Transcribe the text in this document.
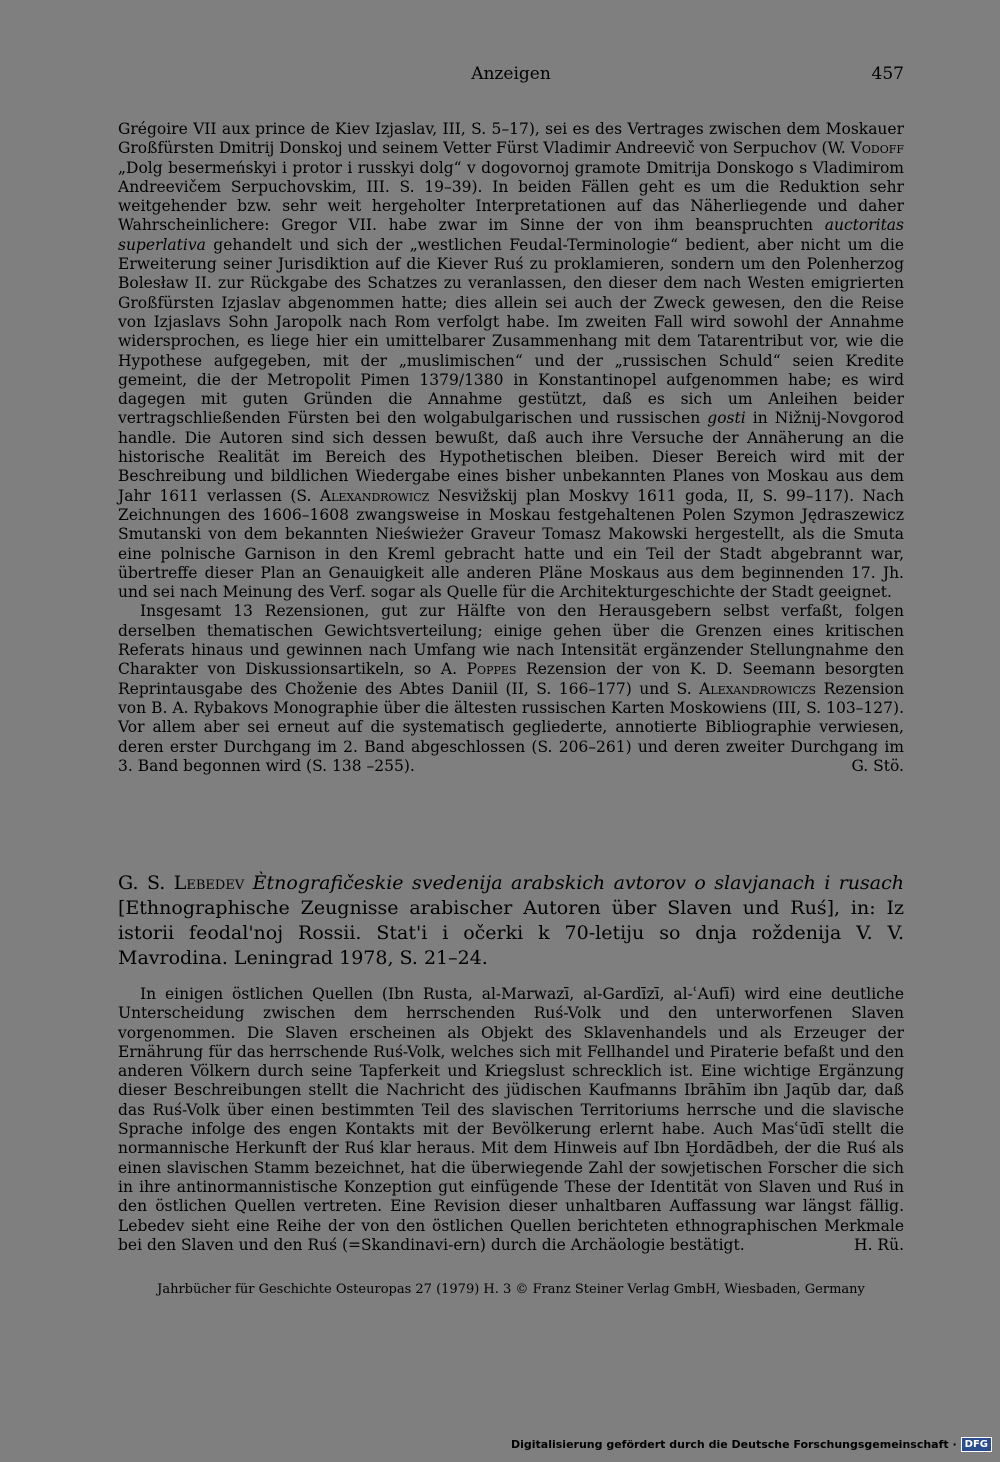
Anzeigen	457

Grégoire VII aux prince de Kiev Izjaslav, III, S. 5–17), sei es des Vertrages zwischen dem Moskauer Großfürsten Dmitrij Donskoj und seinem Vetter Fürst Vladimir Andreevič von Serpuchov (W. Vodoff „Dolg besermeńskyi i protor i russkyi dolg“ v dogovornoj gramote Dmitrija Donskogo s Vladimirom Andreevičem Serpuchovskim, III. S. 19–39). In beiden Fällen geht es um die Reduktion sehr weitgehender bzw. sehr weit hergeholter Interpretationen auf das Näherliegende und daher Wahrscheinlichere: Gregor VII. habe zwar im Sinne der von ihm beanspruchten auctoritas superlativa gehandelt und sich der „westlichen Feudal-Terminologie“ bedient, aber nicht um die Erweiterung seiner Jurisdiktion auf die Kiever Ruś zu proklamieren, sondern um den Polenherzog Bolesław II. zur Rückgabe des Schatzes zu veranlassen, den dieser dem nach Westen emigrierten Großfürsten Izjaslav abgenommen hatte; dies allein sei auch der Zweck gewesen, den die Reise von Izjaslavs Sohn Jaropolk nach Rom verfolgt habe. Im zweiten Fall wird sowohl der Annahme widersprochen, es liege hier ein umittelbarer Zusammenhang mit dem Tatarentribut vor, wie die Hypothese aufgegeben, mit der „muslimischen“ und der „russischen Schuld“ seien Kredite gemeint, die der Metropolit Pimen 1379/1380 in Konstantinopel aufgenommen habe; es wird dagegen mit guten Gründen die Annahme gestützt, daß es sich um Anleihen beider vertragschließenden Fürsten bei den wolgabulgarischen und russischen gosti in Nižnij-Novgorod handle. Die Autoren sind sich dessen bewußt, daß auch ihre Versuche der Annäherung an die historische Realität im Bereich des Hypothetischen bleiben. Dieser Bereich wird mit der Beschreibung und bildlichen Wiedergabe eines bisher unbekannten Planes von Moskau aus dem Jahr 1611 verlassen (S. Alexandrowicz Nesvižskij plan Moskvy 1611 goda, II, S. 99–117). Nach Zeichnungen des 1606–1608 zwangsweise in Moskau festgehaltenen Polen Szymon Jędraszewicz Smutanski von dem bekannten Nieświeżer Graveur Tomasz Makowski hergestellt, als die Smuta eine polnische Garnison in den Kreml gebracht hatte und ein Teil der Stadt abgebrannt war, übertreffe dieser Plan an Genauigkeit alle anderen Pläne Moskaus aus dem beginnenden 17. Jh. und sei nach Meinung des Verf. sogar als Quelle für die Architekturgeschichte der Stadt geeignet.

Insgesamt 13 Rezensionen, gut zur Hälfte von den Herausgebern selbst verfaßt, folgen derselben thematischen Gewichtsverteilung; einige gehen über die Grenzen eines kritischen Referats hinaus und gewinnen nach Umfang wie nach Intensität ergänzender Stellungnahme den Charakter von Diskussionsartikeln, so A. Poppes Rezension der von K. D. Seemann besorgten Reprintausgabe des Choženie des Abtes Daniil (II, S. 166–177) und S. Alexandrowiczs Rezension von B. A. Rybakovs Monographie über die ältesten russischen Karten Moskowiens (III, S. 103–127). Vor allem aber sei erneut auf die systematisch gegliederte, annotierte Bibliographie verwiesen, deren erster Durchgang im 2. Band abgeschlossen (S. 206–261) und deren zweiter Durchgang im 3. Band begonnen wird (S. 138 –255).	G. Stö.

G. S. Lebedev Ètnografičeskie svedenija arabskich avtorov o slavjanach i rusach [Ethnographische Zeugnisse arabischer Autoren über Slaven und Ruś], in: Iz istorii feodal'noj Rossii. Stat'i i očerki k 70-letiju so dnja roždenija V. V. Mavrodina. Leningrad 1978, S. 21–24.

In einigen östlichen Quellen (Ibn Rusta, al-Marwazī, al-Gardīzī, al-ʿAufī) wird eine deutliche Unterscheidung zwischen dem herrschenden Ruś-Volk und den unterworfenen Slaven vorgenommen. Die Slaven erscheinen als Objekt des Sklavenhandels und als Erzeuger der Ernährung für das herrschende Ruś-Volk, welches sich mit Fellhandel und Piraterie befaßt und den anderen Völkern durch seine Tapferkeit und Kriegslust schrecklich ist. Eine wichtige Ergänzung dieser Beschreibungen stellt die Nachricht des jüdischen Kaufmanns Ibrāhīm ibn Jaqūb dar, daß das Ruś-Volk über einen bestimmten Teil des slavischen Territoriums herrsche und die slavische Sprache infolge des engen Kontakts mit der Bevölkerung erlernt habe. Auch Masʿūdī stellt die normannische Herkunft der Ruś klar heraus. Mit dem Hinweis auf Ibn Ḫordādbeh, der die Ruś als einen slavischen Stamm bezeichnet, hat die überwiegende Zahl der sowjetischen Forscher die sich in ihre antinormannistische Konzeption gut einfügende These der Identität von Slaven und Ruś in den östlichen Quellen vertreten. Eine Revision dieser unhaltbaren Auffassung war längst fällig. Lebedev sieht eine Reihe der von den östlichen Quellen berichteten ethnographischen Merkmale bei den Slaven und den Ruś (=Skandinavi-ern) durch die Archäologie bestätigt.	H. Rü.

Jahrbücher für Geschichte Osteuropas 27 (1979) H. 3 © Franz Steiner Verlag GmbH, Wiesbaden, Germany
Digitalisierung gefördert durch die Deutsche Forschungsgemeinschaft · DFG
